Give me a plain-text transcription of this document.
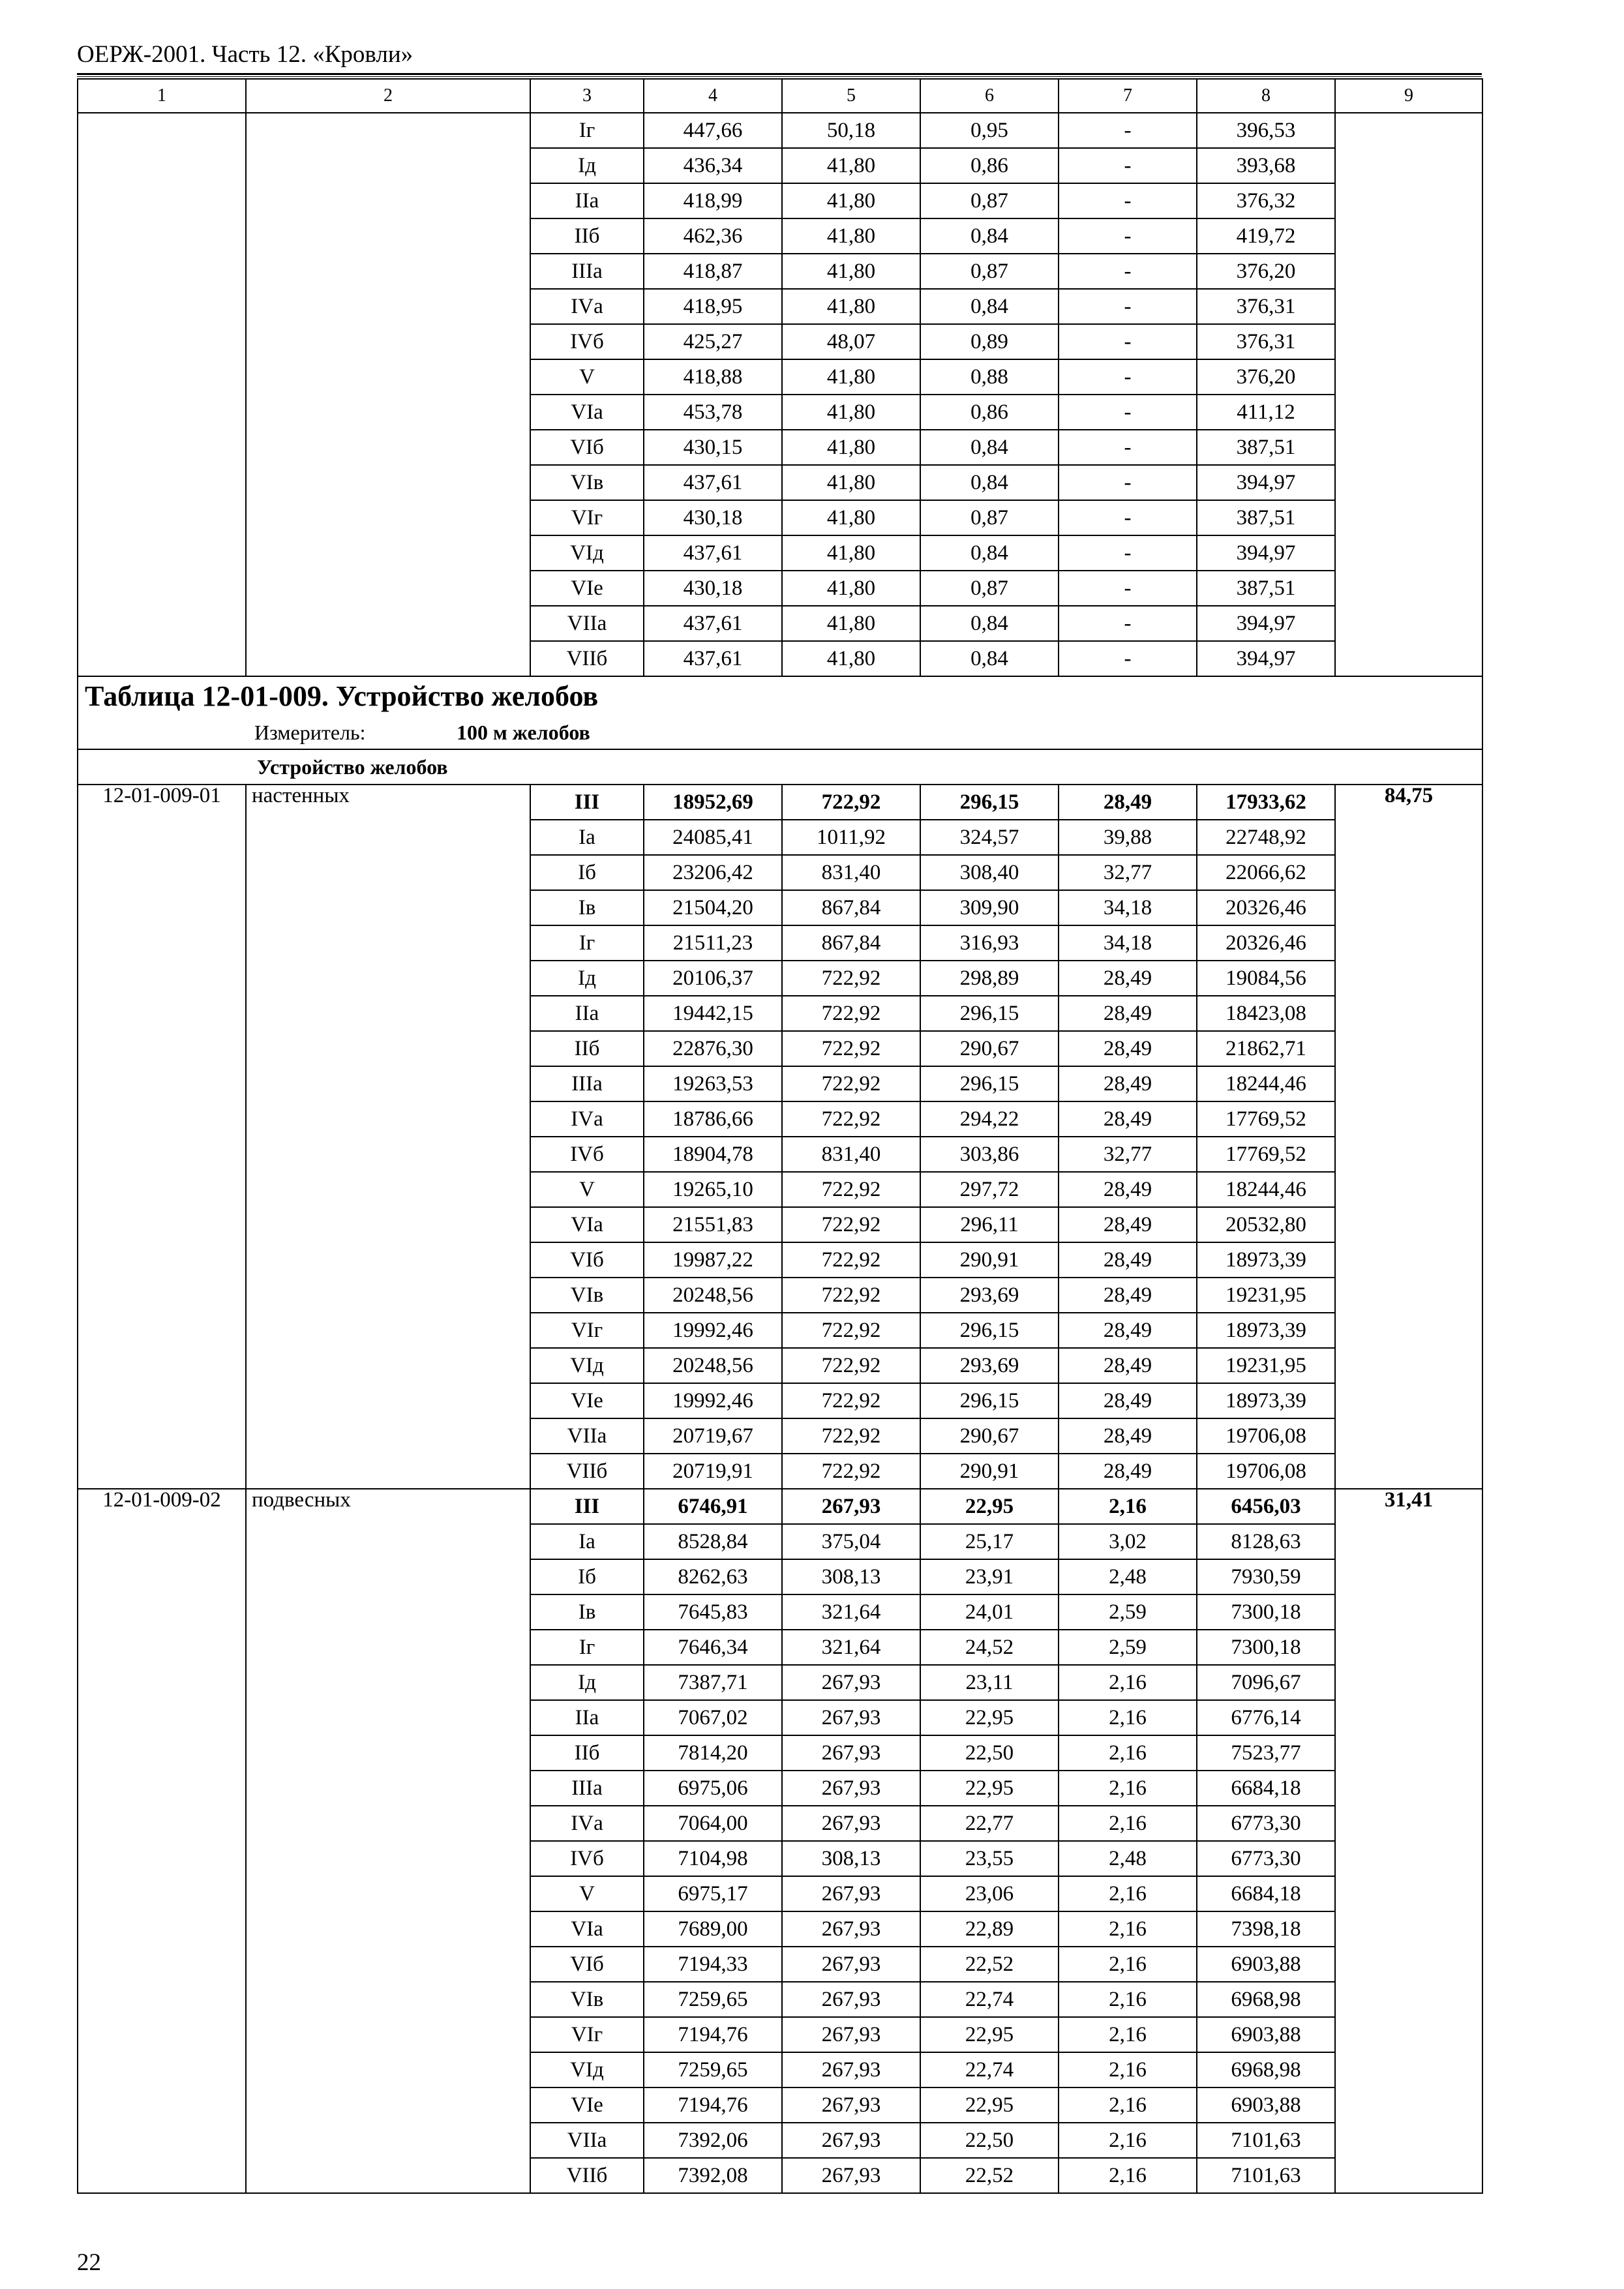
ОЕРЖ-2001. Часть 12. «Кровли»
1	2	3	4	5	6	7	8	9
		Iг	447,66	50,18	0,95	-	396,53	
		Iд	436,34	41,80	0,86	-	393,68	
		IIа	418,99	41,80	0,87	-	376,32	
		IIб	462,36	41,80	0,84	-	419,72	
		IIIа	418,87	41,80	0,87	-	376,20	
		IVа	418,95	41,80	0,84	-	376,31	
		IVб	425,27	48,07	0,89	-	376,31	
		V	418,88	41,80	0,88	-	376,20	
		VIа	453,78	41,80	0,86	-	411,12	
		VIб	430,15	41,80	0,84	-	387,51	
		VIв	437,61	41,80	0,84	-	394,97	
		VIг	430,18	41,80	0,87	-	387,51	
		VIд	437,61	41,80	0,84	-	394,97	
		VIе	430,18	41,80	0,87	-	387,51	
		VIIа	437,61	41,80	0,84	-	394,97	
		VIIб	437,61	41,80	0,84	-	394,97	
Таблица 12-01-009. Устройство желобов								
Измеритель: 100 м желобов								
Устройство желобов								
12-01-009-01	настенных	III	18952,69	722,92	296,15	28,49	17933,62	84,75
		Iа	24085,41	1011,92	324,57	39,88	22748,92	
		Iб	23206,42	831,40	308,40	32,77	22066,62	
		Iв	21504,20	867,84	309,90	34,18	20326,46	
		Iг	21511,23	867,84	316,93	34,18	20326,46	
		Iд	20106,37	722,92	298,89	28,49	19084,56	
		IIа	19442,15	722,92	296,15	28,49	18423,08	
		IIб	22876,30	722,92	290,67	28,49	21862,71	
		IIIа	19263,53	722,92	296,15	28,49	18244,46	
		IVа	18786,66	722,92	294,22	28,49	17769,52	
		IVб	18904,78	831,40	303,86	32,77	17769,52	
		V	19265,10	722,92	297,72	28,49	18244,46	
		VIа	21551,83	722,92	296,11	28,49	20532,80	
		VIб	19987,22	722,92	290,91	28,49	18973,39	
		VIв	20248,56	722,92	293,69	28,49	19231,95	
		VIг	19992,46	722,92	296,15	28,49	18973,39	
		VIд	20248,56	722,92	293,69	28,49	19231,95	
		VIе	19992,46	722,92	296,15	28,49	18973,39	
		VIIа	20719,67	722,92	290,67	28,49	19706,08	
		VIIб	20719,91	722,92	290,91	28,49	19706,08	
12-01-009-02	подвесных	III	6746,91	267,93	22,95	2,16	6456,03	31,41
		Iа	8528,84	375,04	25,17	3,02	8128,63	
		Iб	8262,63	308,13	23,91	2,48	7930,59	
		Iв	7645,83	321,64	24,01	2,59	7300,18	
		Iг	7646,34	321,64	24,52	2,59	7300,18	
		Iд	7387,71	267,93	23,11	2,16	7096,67	
		IIа	7067,02	267,93	22,95	2,16	6776,14	
		IIб	7814,20	267,93	22,50	2,16	7523,77	
		IIIа	6975,06	267,93	22,95	2,16	6684,18	
		IVа	7064,00	267,93	22,77	2,16	6773,30	
		IVб	7104,98	308,13	23,55	2,48	6773,30	
		V	6975,17	267,93	23,06	2,16	6684,18	
		VIа	7689,00	267,93	22,89	2,16	7398,18	
		VIб	7194,33	267,93	22,52	2,16	6903,88	
		VIв	7259,65	267,93	22,74	2,16	6968,98	
		VIг	7194,76	267,93	22,95	2,16	6903,88	
		VIд	7259,65	267,93	22,74	2,16	6968,98	
		VIе	7194,76	267,93	22,95	2,16	6903,88	
		VIIа	7392,06	267,93	22,50	2,16	7101,63	
		VIIб	7392,08	267,93	22,52	2,16	7101,63	
22
